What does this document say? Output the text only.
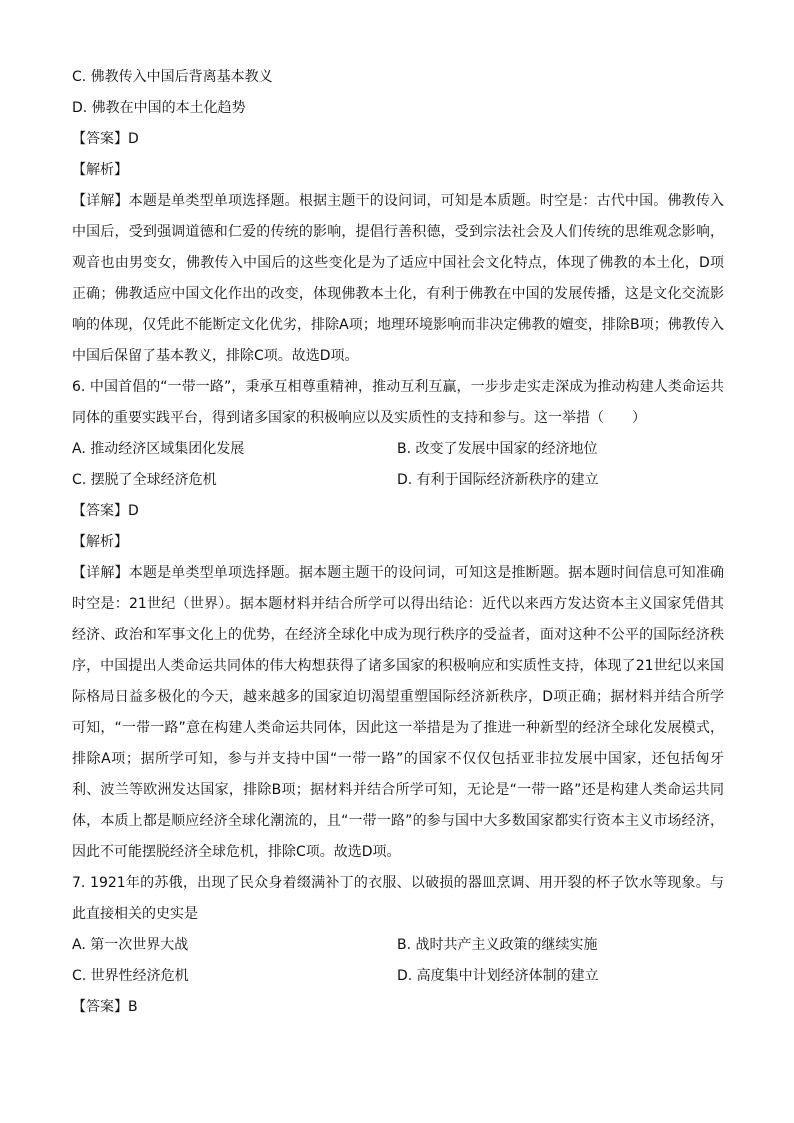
C. 佛教传入中国后背离基本教义
D. 佛教在中国的本土化趋势
【答案】D
【解析】

【详解】本题是单类型单项选择题。根据主题干的设问词，可知是本质题。时空是：古代中国。佛教传入中国后，受到强调道德和仁爱的传统的影响，提倡行善积德，受到宗法社会及人们传统的思维观念影响，观音也由男变女，佛教传入中国后的这些变化是为了适应中国社会文化特点，体现了佛教的本土化，D项正确；佛教适应中国文化作出的改变，体现佛教本土化，有利于佛教在中国的发展传播，这是文化交流影响的体现，仅凭此不能断定文化优劣，排除A项；地理环境影响而非决定佛教的嬗变，排除B项；佛教传入中国后保留了基本教义，排除C项。故选D项。

6. 中国首倡的“一带一路”，秉承互相尊重精神，推动互利互赢，一步步走实走深成为推动构建人类命运共同体的重要实践平台，得到诸多国家的积极响应以及实质性的支持和参与。这一举措（　　）

A. 推动经济区域集团化发展	B. 改变了发展中国家的经济地位
C. 摆脱了全球经济危机	D. 有利于国际经济新秩序的建立
【答案】D
【解析】

【详解】本题是单类型单项选择题。据本题主题干的设问词，可知这是推断题。据本题时间信息可知准确时空是：21世纪（世界）。据本题材料并结合所学可以得出结论：近代以来西方发达资本主义国家凭借其经济、政治和军事文化上的优势，在经济全球化中成为现行秩序的受益者，面对这种不公平的国际经济秩序，中国提出人类命运共同体的伟大构想获得了诸多国家的积极响应和实质性支持，体现了21世纪以来国际格局日益多极化的今天，越来越多的国家迫切渴望重塑国际经济新秩序，D项正确；据材料并结合所学可知，“一带一路”意在构建人类命运共同体，因此这一举措是为了推进一种新型的经济全球化发展模式，排除A项；据所学可知，参与并支持中国“一带一路”的国家不仅仅包括亚非拉发展中国家，还包括匈牙利、波兰等欧洲发达国家，排除B项；据材料并结合所学可知，无论是“一带一路”还是构建人类命运共同体，本质上都是顺应经济全球化潮流的，且“一带一路”的参与国中大多数国家都实行资本主义市场经济，因此不可能摆脱经济全球危机，排除C项。故选D项。

7. 1921年的苏俄，出现了民众身着缀满补丁的衣服、以破损的器皿烹调、用开裂的杯子饮水等现象。与此直接相关的史实是

A. 第一次世界大战	B. 战时共产主义政策的继续实施
C. 世界性经济危机	D. 高度集中计划经济体制的建立
【答案】B
